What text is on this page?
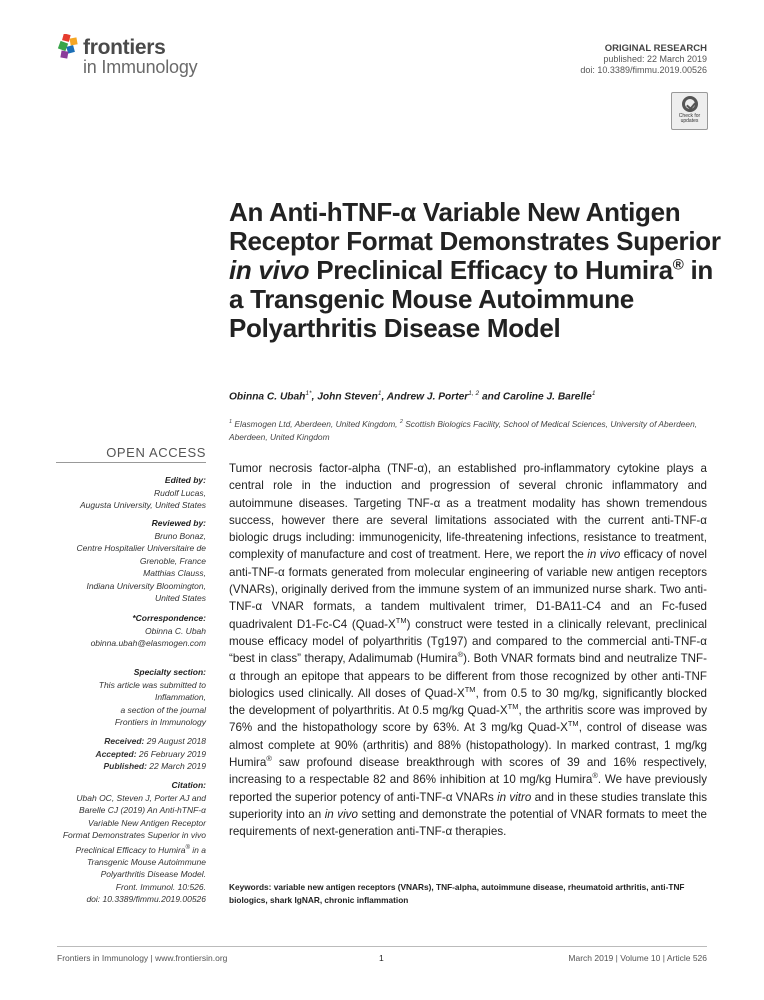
frontiers
in Immunology
ORIGINAL RESEARCH
published: 22 March 2019
doi: 10.3389/fimmu.2019.00526
Check for
updates
An Anti-hTNF-α Variable New Antigen Receptor Format Demonstrates Superior in vivo Preclinical Efficacy to Humira® in a Transgenic Mouse Autoimmune Polyarthritis Disease Model
Obinna C. Ubah$^{1*}$, John Steven$^1$, Andrew J. Porter$^{1, 2}$ and Caroline J. Barelle$^1$
$^1$ Elasmogen Ltd, Aberdeen, United Kingdom, $^2$ Scottish Biologics Facility, School of Medical Sciences, University of Aberdeen, Aberdeen, United Kingdom
OPEN ACCESS
Edited by:
Rudolf Lucas,
Augusta University, United States
Reviewed by:
Bruno Bonaz,
Centre Hospitalier Universitaire de
Grenoble, France
Matthias Clauss,
Indiana University Bloomington,
United States
*Correspondence:
Obinna C. Ubah
obinna.ubah@elasmogen.com
Specialty section:
This article was submitted to
Inflammation,
a section of the journal
Frontiers in Immunology
Received: 29 August 2018
Accepted: 26 February 2019
Published: 22 March 2019
Citation:
Ubah OC, Steven J, Porter AJ and
Barelle CJ (2019) An Anti-hTNF-α
Variable New Antigen Receptor
Format Demonstrates Superior in vivo
Preclinical Efficacy to Humira® in a
Transgenic Mouse Autoimmune
Polyarthritis Disease Model.
Front. Immunol. 10:526.
doi: 10.3389/fimmu.2019.00526
Tumor necrosis factor-alpha (TNF-α), an established pro-inflammatory cytokine plays a central role in the induction and progression of several chronic inflammatory and autoimmune diseases. Targeting TNF-α as a treatment modality has shown tremendous success, however there are several limitations associated with the current anti-TNF-α biologic drugs including: immunogenicity, life-threatening infections, resistance to treatment, complexity of manufacture and cost of treatment. Here, we report the in vivo efficacy of novel anti-TNF-α formats generated from molecular engineering of variable new antigen receptors (VNARs), originally derived from the immune system of an immunized nurse shark. Two anti-TNF-α VNAR formats, a tandem multivalent trimer, D1-BA11-C4 and an Fc-fused quadrivalent D1-Fc-C4 (Quad-X™) construct were tested in a clinically relevant, preclinical mouse efficacy model of polyarthritis (Tg197) and compared to the commercial anti-TNF-α “best in class” therapy, Adalimumab (Humira®). Both VNAR formats bind and neutralize TNF-α through an epitope that appears to be different from those recognized by other anti-TNF biologics used clinically. All doses of Quad-X™, from 0.5 to 30 mg/kg, significantly blocked the development of polyarthritis. At 0.5 mg/kg Quad-X™, the arthritis score was improved by 76% and the histopathology score by 63%. At 3 mg/kg Quad-X™, control of disease was almost complete at 90% (arthritis) and 88% (histopathology). In marked contrast, 1 mg/kg Humira® saw profound disease breakthrough with scores of 39 and 16% respectively, increasing to a respectable 82 and 86% inhibition at 10 mg/kg Humira®. We have previously reported the superior potency of anti-TNF-α VNARs in vitro and in these studies translate this superiority into an in vivo setting and demonstrate the potential of VNAR formats to meet the requirements of next-generation anti-TNF-α therapies.
Keywords: variable new antigen receptors (VNARs), TNF-alpha, autoimmune disease, rheumatoid arthritis, anti-TNF biologics, shark IgNAR, chronic inflammation
Frontiers in Immunology | www.frontiersin.org	1	March 2019 | Volume 10 | Article 526
